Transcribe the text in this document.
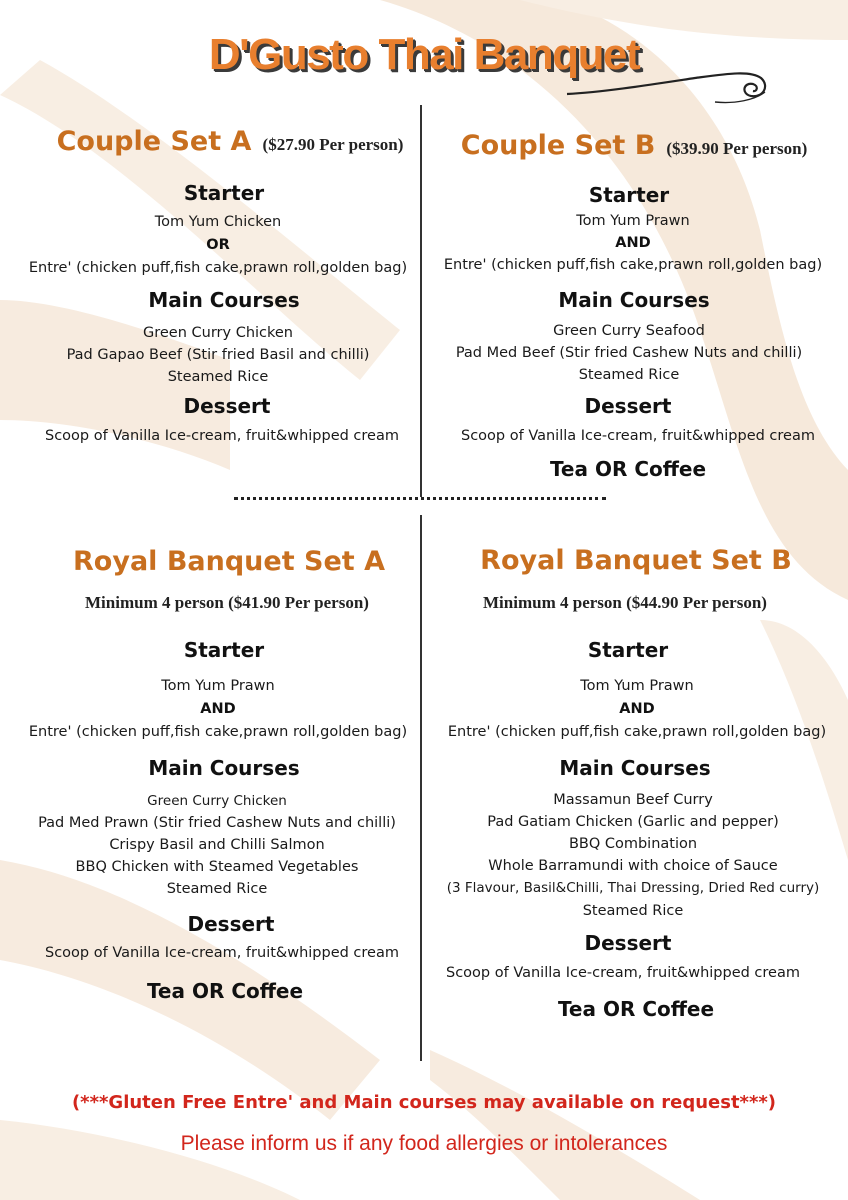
D'Gusto Thai Banquet
Couple Set A ($27.90 Per person)
Starter
Tom Yum Chicken
OR
Entre' (chicken puff,fish cake,prawn roll,golden bag)
Main Courses
Green Curry Chicken
Pad Gapao Beef (Stir fried Basil and chilli)
Steamed Rice
Dessert
Scoop of Vanilla Ice-cream, fruit&whipped cream
Couple Set B ($39.90 Per person)
Starter
Tom Yum Prawn
AND
Entre' (chicken puff,fish cake,prawn roll,golden bag)
Main Courses
Green Curry Seafood
Pad Med Beef (Stir fried Cashew Nuts and chilli)
Steamed Rice
Dessert
Scoop of Vanilla Ice-cream, fruit&whipped cream
Tea OR Coffee
Royal Banquet Set A
Minimum 4 person ($41.90 Per person)
Starter
Tom Yum Prawn
AND
Entre' (chicken puff,fish cake,prawn roll,golden bag)
Main Courses
Green Curry Chicken
Pad Med Prawn (Stir fried Cashew Nuts and chilli)
Crispy Basil and Chilli Salmon
BBQ Chicken with Steamed Vegetables
Steamed Rice
Dessert
Scoop of Vanilla Ice-cream, fruit&whipped cream
Tea OR Coffee
Royal Banquet Set B
Minimum 4 person ($44.90 Per person)
Starter
Tom Yum Prawn
AND
Entre' (chicken puff,fish cake,prawn roll,golden bag)
Main Courses
Massamun Beef Curry
Pad Gatiam Chicken (Garlic and pepper)
BBQ Combination
Whole Barramundi with choice of Sauce
(3 Flavour, Basil&Chilli, Thai Dressing, Dried Red curry)
Steamed Rice
Dessert
Scoop of Vanilla Ice-cream, fruit&whipped cream
Tea OR Coffee
(***Gluten Free Entre' and Main courses may available on request***)
Please inform us if any food allergies or intolerances
